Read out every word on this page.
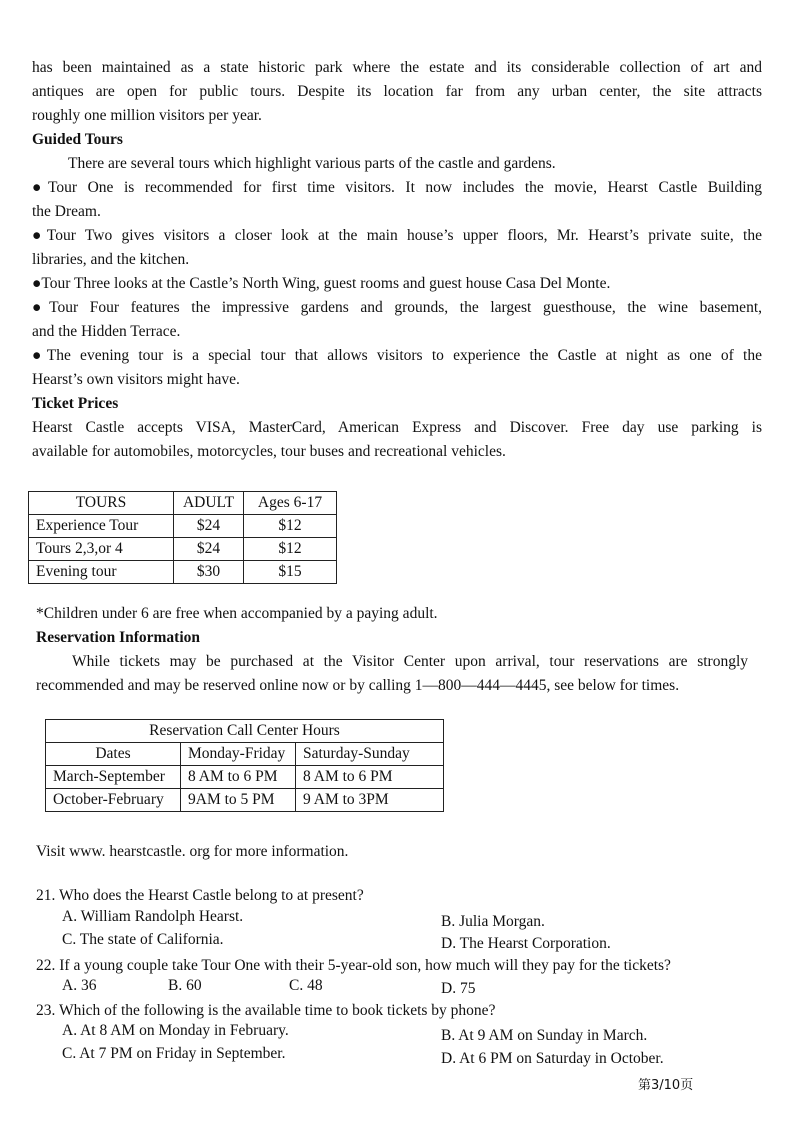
has been maintained as a state historic park where the estate and its considerable collection of art and
antiques are open for public tours. Despite its location far from any urban center, the site attracts
roughly one million visitors per year.
Guided Tours
There are several tours which highlight various parts of the castle and gardens.
●Tour One is recommended for first time visitors. It now includes the movie, Hearst Castle Building
the Dream.
●Tour Two gives visitors a closer look at the main house’s upper floors, Mr. Hearst’s private suite, the
libraries, and the kitchen.
●Tour Three looks at the Castle’s North Wing, guest rooms and guest house Casa Del Monte.
●Tour Four features the impressive gardens and grounds, the largest guesthouse, the wine basement,
and the Hidden Terrace.
●The evening tour is a special tour that allows visitors to experience the Castle at night as one of the
Hearst’s own visitors might have.
Ticket Prices
Hearst Castle accepts VISA, MasterCard, American Express and Discover. Free day use parking is
available for automobiles, motorcycles, tour buses and recreational vehicles.
TOURS	ADULT	Ages 6-17
Experience Tour	$24	$12
Tours 2,3,or 4	$24	$12
Evening tour	$30	$15
*Children under 6 are free when accompanied by a paying adult.
Reservation Information
While tickets may be purchased at the Visitor Center upon arrival, tour reservations are strongly
recommended and may be reserved online now or by calling 1—800—444—4445, see below for times.
Reservation Call Center Hours		
Dates	Monday-Friday	Saturday-Sunday
March-September	8 AM to 6 PM	8 AM to 6 PM
October-February	9AM to 5 PM	9 AM to 3PM
Visit www. hearstcastle. org for more information.
21. Who does the Hearst Castle belong to at present?
A. William Randolph Hearst.	B. Julia Morgan.
C. The state of California.	D. The Hearst Corporation.
22. If a young couple take Tour One with their 5-year-old son, how much will they pay for the tickets?
A. 36	B. 60	C. 48	D. 75
23. Which of the following is the available time to book tickets by phone?
A. At 8 AM on Monday in February.	B. At 9 AM on Sunday in March.
C. At 7 PM on Friday in September.	D. At 6 PM on Saturday in October.
第3/10页
